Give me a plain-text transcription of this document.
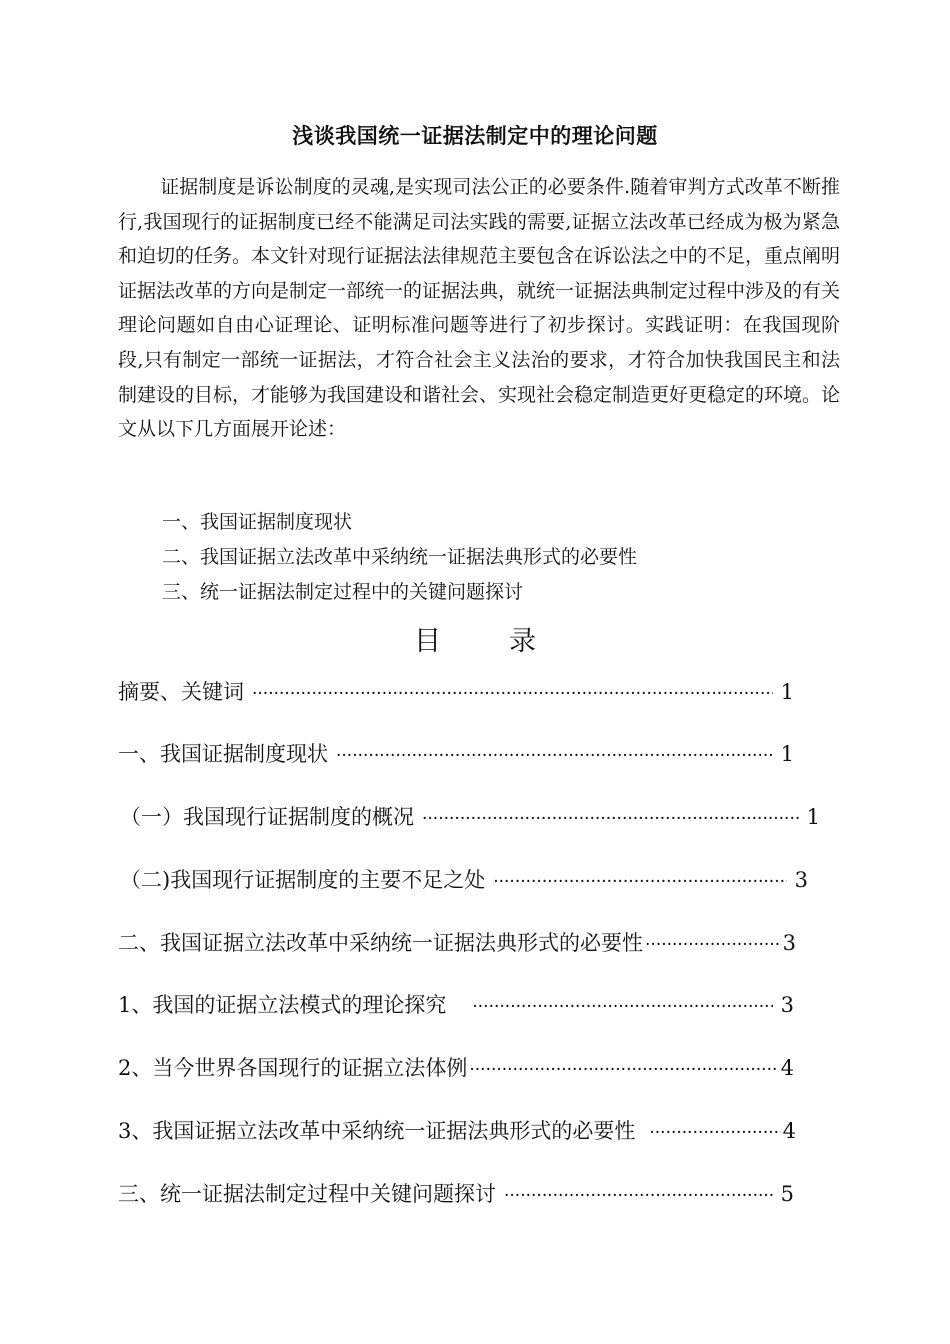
浅谈我国统一证据法制定中的理论问题

证据制度是诉讼制度的灵魂,是实现司法公正的必要条件.随着审判方式改革不断推行,我国现行的证据制度已经不能满足司法实践的需要,证据立法改革已经成为极为紧急和迫切的任务。本文针对现行证据法法律规范主要包含在诉讼法之中的不足，重点阐明证据法改革的方向是制定一部统一的证据法典，就统一证据法典制定过程中涉及的有关理论问题如自由心证理论、证明标准问题等进行了初步探讨。实践证明：在我国现阶段,只有制定一部统一证据法，才符合社会主义法治的要求，才符合加快我国民主和法制建设的目标，才能够为我国建设和谐社会、实现社会稳定制造更好更稳定的环境。论文从以下几方面展开论述：

一、我国证据制度现状
二、我国证据立法改革中采纳统一证据法典形式的必要性
三、统一证据法制定过程中的关键问题探讨
目	录
摘要、关键词 ·····	1
一、我国证据制度现状 ·····	1
（一）我国现行证据制度的概况 ·····	1
（二)我国现行证据制度的主要不足之处 ·····	3
二、我国证据立法改革中采纳统一证据法典形式的必要性 ·····	3
1、我国的证据立法模式的理论探究 ·····	3
2、当今世界各国现行的证据立法体例 ·····	4
3、我国证据立法改革中采纳统一证据法典形式的必要性 ·····	4
三、统一证据法制定过程中关键问题探讨 ·····	5
